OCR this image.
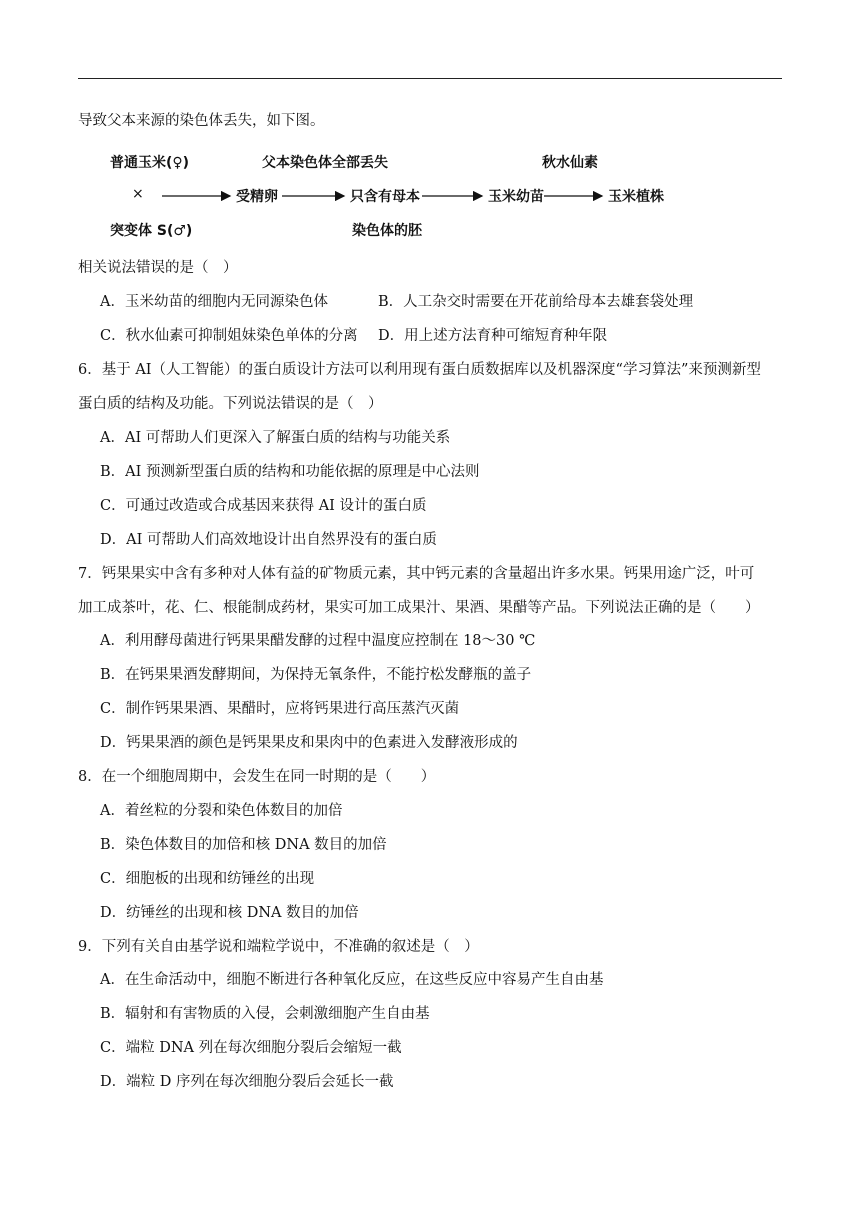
导致父本来源的染色体丢失，如下图。
普通玉米(♀)
×
突变体 S(♂)
受精卵
父本染色体全部丢失
只含有母本
染色体的胚
玉米幼苗
秋水仙素
玉米植株
相关说法错误的是（　）
A．玉米幼苗的细胞内无同源染色体	B．人工杂交时需要在开花前给母本去雄套袋处理
C．秋水仙素可抑制姐妹染色单体的分离 D．用上述方法育种可缩短育种年限
6．基于 AI（人工智能）的蛋白质设计方法可以利用现有蛋白质数据库以及机器深度“学习算法”来预测新型
蛋白质的结构及功能。下列说法错误的是（　）
A．AI 可帮助人们更深入了解蛋白质的结构与功能关系
B．AI 预测新型蛋白质的结构和功能依据的原理是中心法则
C．可通过改造或合成基因来获得 AI 设计的蛋白质
D．AI 可帮助人们高效地设计出自然界没有的蛋白质
7．钙果果实中含有多种对人体有益的矿物质元素，其中钙元素的含量超出许多水果。钙果用途广泛，叶可
加工成茶叶，花、仁、根能制成药材，果实可加工成果汁、果酒、果醋等产品。下列说法正确的是（　　）
A．利用酵母菌进行钙果果醋发酵的过程中温度应控制在 18～30 ℃
B．在钙果果酒发酵期间，为保持无氧条件，不能拧松发酵瓶的盖子
C．制作钙果果酒、果醋时，应将钙果进行高压蒸汽灭菌
D．钙果果酒的颜色是钙果果皮和果肉中的色素进入发酵液形成的
8．在一个细胞周期中，会发生在同一时期的是（　　）
A．着丝粒的分裂和染色体数目的加倍
B．染色体数目的加倍和核 DNA 数目的加倍
C．细胞板的出现和纺锤丝的出现
D．纺锤丝的出现和核 DNA 数目的加倍
9．下列有关自由基学说和端粒学说中，不准确的叙述是（　）
A．在生命活动中，细胞不断进行各种氧化反应，在这些反应中容易产生自由基
B．辐射和有害物质的入侵，会刺激细胞产生自由基
C．端粒 DNA 列在每次细胞分裂后会缩短一截
D．端粒 D 序列在每次细胞分裂后会延长一截
